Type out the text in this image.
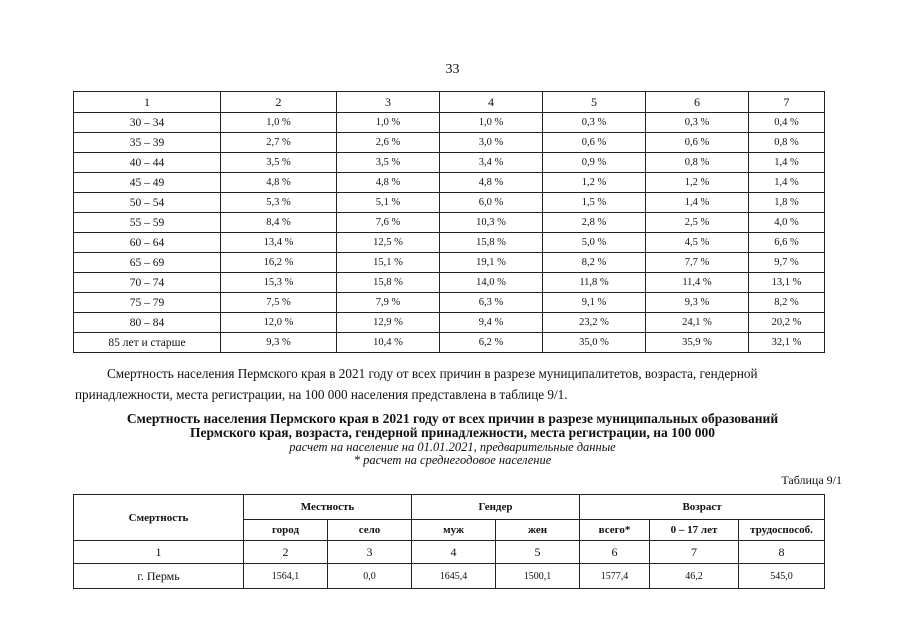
33
1	2	3	4	5	6	7
30 – 34	1,0 %	1,0 %	1,0 %	0,3 %	0,3 %	0,4 %
35 – 39	2,7 %	2,6 %	3,0 %	0,6 %	0,6 %	0,8 %
40 – 44	3,5 %	3,5 %	3,4 %	0,9 %	0,8 %	1,4 %
45 – 49	4,8 %	4,8 %	4,8 %	1,2 %	1,2 %	1,4 %
50 – 54	5,3 %	5,1 %	6,0 %	1,5 %	1,4 %	1,8 %
55 – 59	8,4 %	7,6 %	10,3 %	2,8 %	2,5 %	4,0 %
60 – 64	13,4 %	12,5 %	15,8 %	5,0 %	4,5 %	6,6 %
65 – 69	16,2 %	15,1 %	19,1 %	8,2 %	7,7 %	9,7 %
70 – 74	15,3 %	15,8 %	14,0 %	11,8 %	11,4 %	13,1 %
75 – 79	7,5 %	7,9 %	6,3 %	9,1 %	9,3 %	8,2 %
80 – 84	12,0 %	12,9 %	9,4 %	23,2 %	24,1 %	20,2 %
85 лет и старше	9,3 %	10,4 %	6,2 %	35,0 %	35,9 %	32,1 %

Смертность населения Пермского края в 2021 году от всех причин в разрезе муниципалитетов, возраста, гендерной принадлежности, места регистрации, на 100 000 населения представлена в таблице 9/1.

Смертность населения Пермского края в 2021 году от всех причин в разрезе муниципальных образований
Пермского края, возраста, гендерной принадлежности, места регистрации, на 100 000
расчет на население на 01.01.2021, предварительные данные
* расчет на среднегодовое население
Таблица 9/1
Смертность	Местность		Гендер		Возраст		
	город	село	муж	жен	всего*	0 – 17 лет	трудоспособ.
1	2	3	4	5	6	7	8
г. Пермь	1564,1	0,0	1645,4	1500,1	1577,4	46,2	545,0
